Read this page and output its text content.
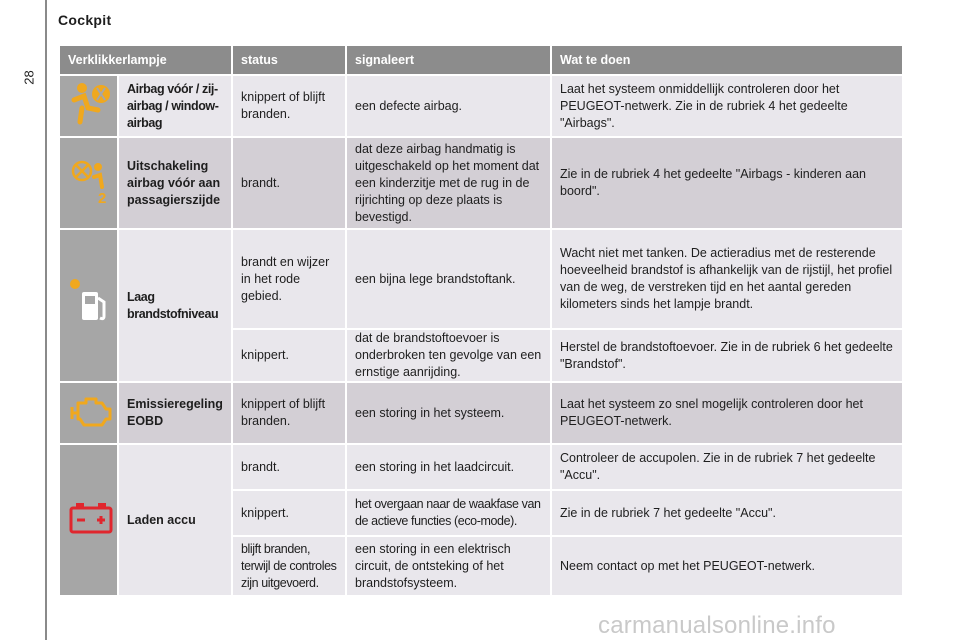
Cockpit
28
Verklikkerlampje		status	signaleert	Wat te doen
	Airbag vóór / zij-airbag / window-airbag	knippert of blijft branden.	een defecte airbag.	Laat het systeem onmiddellijk controleren door het PEUGEOT-netwerk. Zie in de rubriek 4 het gedeelte "Airbags".

2	Uitschakeling airbag vóór aan passagierszijde	brandt.	dat deze airbag handmatig is uitgeschakeld op het moment dat een kinderzitje met de rug in de rijrichting op deze plaats is bevestigd.	Zie in de rubriek 4 het gedeelte "Airbags - kinderen aan boord".
	Laag brandstofniveau	brandt en wijzer in het rode gebied.	een bijna lege brandstoftank.	Wacht niet met tanken. De actieradius met de resterende hoeveelheid brandstof is afhankelijk van de rijstijl, het profiel van de weg, de verstreken tijd en het aantal gereden kilometers sinds het lampje brandt.
		knippert.	dat de brandstoftoevoer is onderbroken ten gevolge van een ernstige aanrijding.	Herstel de brandstoftoevoer. Zie in de rubriek 6 het gedeelte "Brandstof".
	Emissieregeling EOBD	knippert of blijft branden.	een storing in het systeem.	Laat het systeem zo snel mogelijk controleren door het PEUGEOT-netwerk.
	Laden accu	brandt.	een storing in het laadcircuit.	Controleer de accupolen. Zie in de rubriek 7 het gedeelte "Accu".
		knippert.	het overgaan naar de waakfase van de actieve functies (eco-mode).	Zie in de rubriek 7 het gedeelte "Accu".
		blijft branden, terwijl de controles zijn uitgevoerd.	een storing in een elektrisch circuit, de ontsteking of het brandstofsysteem.	Neem contact op met het PEUGEOT-netwerk.
carmanualsonline.info
